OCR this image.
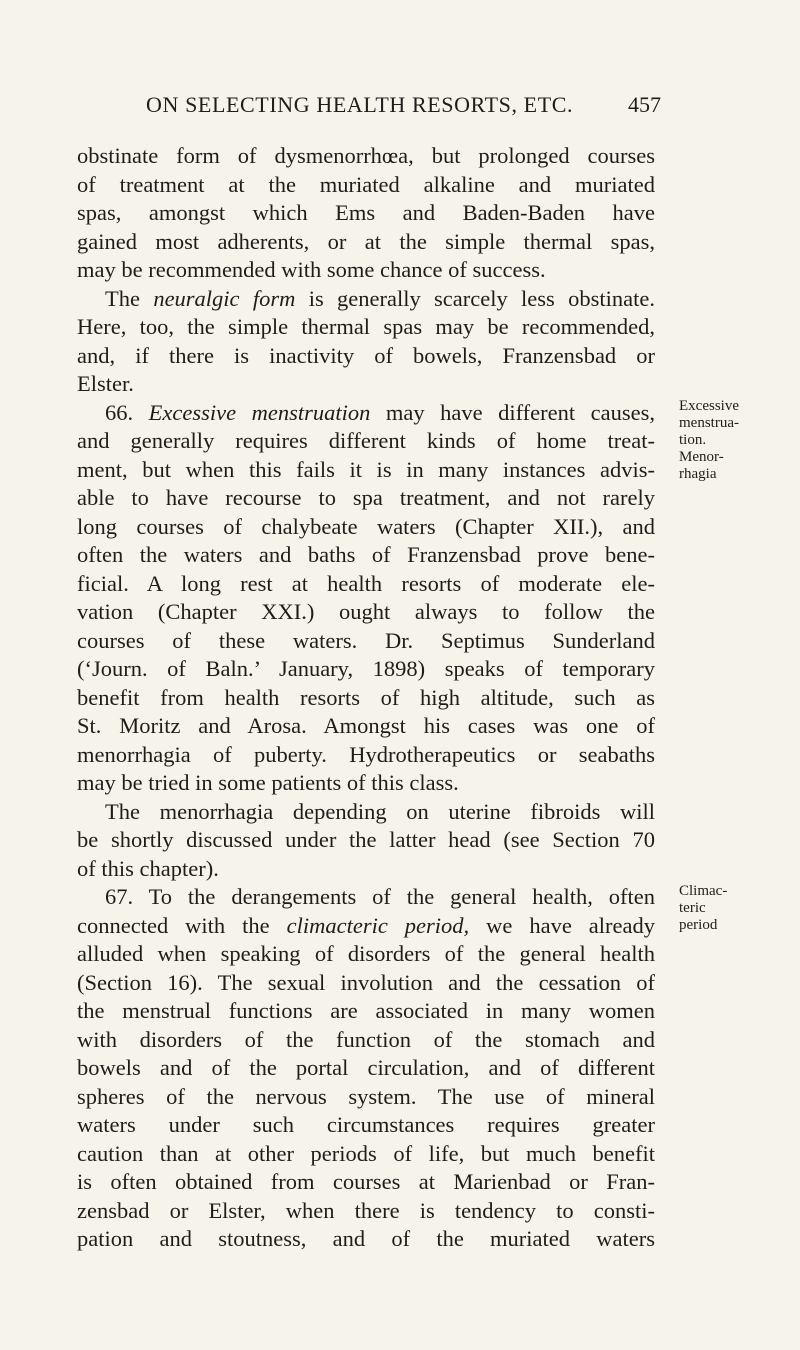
ON SELECTING HEALTH RESORTS, ETC. 457
obstinate form of dysmenorrhœa, but prolonged courses
of treatment at the muriated alkaline and muriated
spas, amongst which Ems and Baden-Baden have
gained most adherents, or at the simple thermal spas,
may be recommended with some chance of success.
The neuralgic form is generally scarcely less obstinate.
Here, too, the simple thermal spas may be recommended,
and, if there is inactivity of bowels, Franzensbad or
Elster.
66. Excessive menstruation may have different causes,
and generally requires different kinds of home treat-
ment, but when this fails it is in many instances advis-
able to have recourse to spa treatment, and not rarely
long courses of chalybeate waters (Chapter XII.), and
often the waters and baths of Franzensbad prove bene-
ficial. A long rest at health resorts of moderate ele-
vation (Chapter XXI.) ought always to follow the
courses of these waters. Dr. Septimus Sunderland
(‘Journ. of Baln.’ January, 1898) speaks of temporary
benefit from health resorts of high altitude, such as
St. Moritz and Arosa. Amongst his cases was one of
menorrhagia of puberty. Hydrotherapeutics or seabaths
may be tried in some patients of this class.
The menorrhagia depending on uterine fibroids will
be shortly discussed under the latter head (see Section 70
of this chapter).
67. To the derangements of the general health, often
connected with the climacteric period, we have already
alluded when speaking of disorders of the general health
(Section 16). The sexual involution and the cessation of
the menstrual functions are associated in many women
with disorders of the function of the stomach and
bowels and of the portal circulation, and of different
spheres of the nervous system. The use of mineral
waters under such circumstances requires greater
caution than at other periods of life, but much benefit
is often obtained from courses at Marienbad or Fran-
zensbad or Elster, when there is tendency to consti-
pation and stoutness, and of the muriated waters
Excessive
menstrua-
tion.
Menor-
rhagia
Climac-
teric
period
